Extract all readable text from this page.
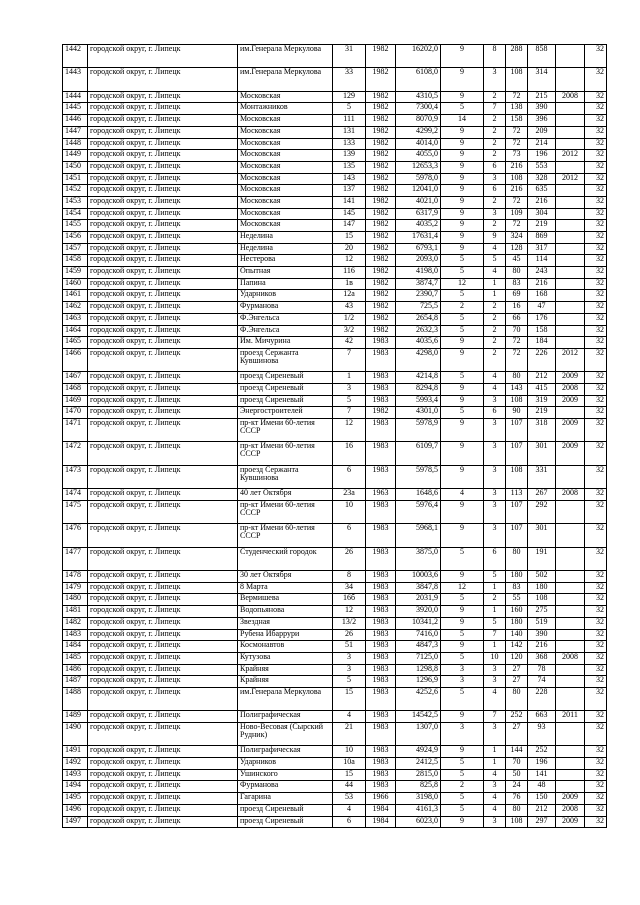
1442	городской округ, г. Липецк	им.Генерала Меркулова	31	1982	16202,0	9	8	288	858		32
1443	городской округ, г. Липецк	им.Генерала Меркулова	33	1982	6108,0	9	3	108	314		32
1444	городской округ, г. Липецк	Московская	129	1982	4310,5	9	2	72	215	2008	32
1445	городской округ, г. Липецк	Монтажников	5	1982	7300,4	5	7	138	390		32
1446	городской округ, г. Липецк	Московская	111	1982	8070,9	14	2	158	396		32
1447	городской округ, г. Липецк	Московская	131	1982	4299,2	9	2	72	209		32
1448	городской округ, г. Липецк	Московская	133	1982	4014,0	9	2	72	214		32
1449	городской округ, г. Липецк	Московская	139	1982	4055,0	9	2	73	196	2012	32
1450	городской округ, г. Липецк	Московская	135	1982	12653,3	9	6	216	553		32
1451	городской округ, г. Липецк	Московская	143	1982	5978,0	9	3	108	328	2012	32
1452	городской округ, г. Липецк	Московская	137	1982	12041,0	9	6	216	635		32
1453	городской округ, г. Липецк	Московская	141	1982	4021,0	9	2	72	216		32
1454	городской округ, г. Липецк	Московская	145	1982	6317,9	9	3	109	304		32
1455	городской округ, г. Липецк	Московская	147	1982	4035,2	9	2	72	219		32
1456	городской округ, г. Липецк	Неделина	15	1982	17631,4	9	9	324	869		32
1457	городской округ, г. Липецк	Неделина	20	1982	6793,1	9	4	128	317		32
1458	городской округ, г. Липецк	Нестерова	12	1982	2093,0	5	5	45	114		32
1459	городской округ, г. Липецк	Опытная	116	1982	4198,0	5	4	80	243		32
1460	городской округ, г. Липецк	Папина	1в	1982	3874,7	12	1	83	216		32
1461	городской округ, г. Липецк	Ударников	12а	1982	2390,7	5	1	69	168		32
1462	городской округ, г. Липецк	Фурманова	43	1982	725,5	2	2	16	47		32
1463	городской округ, г. Липецк	Ф.Энгельса	1/2	1982	2654,8	5	2	66	176		32
1464	городской округ, г. Липецк	Ф.Энгельса	3/2	1982	2632,3	5	2	70	158		32
1465	городской округ, г. Липецк	Им. Мичурина	42	1983	4035,6	9	2	72	184		32
1466	городской округ, г. Липецк	проезд Сержанта Кувшинова	7	1983	4298,0	9	2	72	226	2012	32
1467	городской округ, г. Липецк	проезд Сиреневый	1	1983	4214,8	5	4	80	212	2009	32
1468	городской округ, г. Липецк	проезд Сиреневый	3	1983	8294,8	9	4	143	415	2008	32
1469	городской округ, г. Липецк	проезд Сиреневый	5	1983	5993,4	9	3	108	319	2009	32
1470	городской округ, г. Липецк	Энергостроителей	7	1982	4301,0	5	6	90	219		32
1471	городской округ, г. Липецк	пр-кт Имени 60-летия СССР	12	1983	5978,9	9	3	107	318	2009	32
1472	городской округ, г. Липецк	пр-кт Имени 60-летия СССР	16	1983	6109,7	9	3	107	301	2009	32
1473	городской округ, г. Липецк	проезд Сержанта Кувшинова	6	1983	5978,5	9	3	108	331		32
1474	городской округ, г. Липецк	40 лет Октября	23а	1963	1648,6	4	3	113	267	2008	32
1475	городской округ, г. Липецк	пр-кт Имени 60-летия СССР	10	1983	5976,4	9	3	107	292		32
1476	городской округ, г. Липецк	пр-кт Имени 60-летия СССР	6	1983	5968,1	9	3	107	301		32
1477	городской округ, г. Липецк	Студенческий городок	26	1983	3875,0	5	6	80	191		32
1478	городской округ, г. Липецк	30 лет Октября	8	1983	10003,6	9	5	180	502		32
1479	городской округ, г. Липецк	8 Марта	34	1983	3847,8	12	1	83	180		32
1480	городской округ, г. Липецк	Вермишева	16б	1983	2031,9	5	2	55	108		32
1481	городской округ, г. Липецк	Водопьянова	12	1983	3920,0	9	1	160	275		32
1482	городской округ, г. Липецк	Звездная	13/2	1983	10341,2	9	5	180	519		32
1483	городской округ, г. Липецк	Рубена Ибаррури	26	1983	7416,0	5	7	140	390		32
1484	городской округ, г. Липецк	Космонавтов	51	1983	4847,3	9	1	142	216		32
1485	городской округ, г. Липецк	Кутузова	3	1983	7125,0	5	10	120	368	2008	32
1486	городской округ, г. Липецк	Крайняя	3	1983	1298,8	3	3	27	78		32
1487	городской округ, г. Липецк	Крайняя	5	1983	1296,9	3	3	27	74		32
1488	городской округ, г. Липецк	им.Генерала Меркулова	15	1983	4252,6	5	4	80	228		32
1489	городской округ, г. Липецк	Полиграфическая	4	1983	14542,5	9	7	252	663	2011	32
1490	городской округ, г. Липецк	Ново-Весовая (Сырский Рудник)	21	1983	1307,0	3	3	27	93		32
1491	городской округ, г. Липецк	Полиграфическая	10	1983	4924,9	9	1	144	252		32
1492	городской округ, г. Липецк	Ударников	10а	1983	2412,5	5	1	70	196		32
1493	городской округ, г. Липецк	Ушинского	15	1983	2815,0	5	4	50	141		32
1494	городской округ, г. Липецк	Фурманова	44	1983	825,8	2	3	24	48		32
1495	городской округ, г. Липецк	Гагарина	53	1966	3198,0	5	4	76	150	2009	32
1496	городской округ, г. Липецк	проезд Сиреневый	4	1984	4161,3	5	4	80	212	2008	32
1497	городской округ, г. Липецк	проезд Сиреневый	6	1984	6023,0	9	3	108	297	2009	32
